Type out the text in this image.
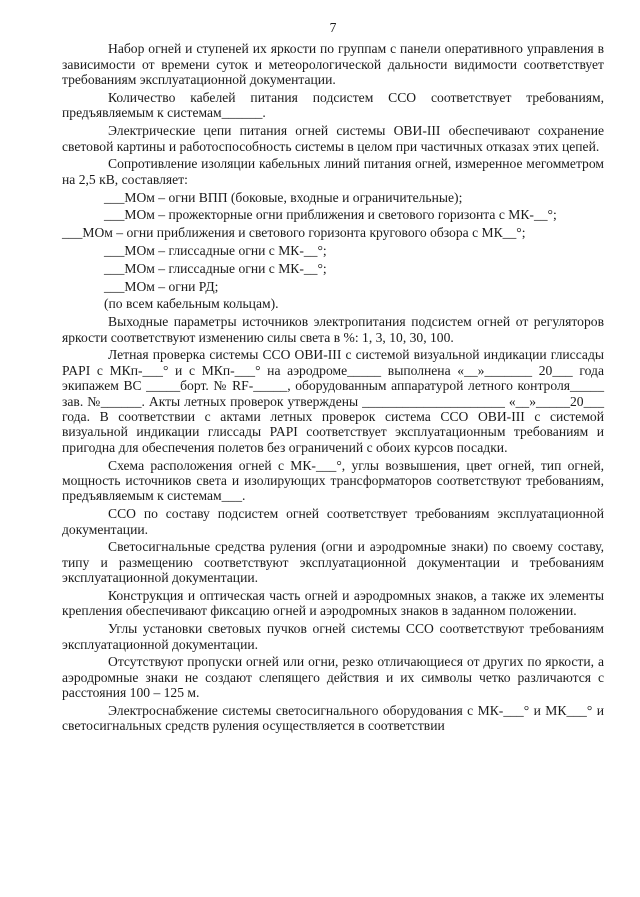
7

Набор огней и ступеней их яркости по группам с панели оперативного управления в зависимости от времени суток и метеорологической дальности видимости соответствует требованиям эксплуатационной документации.

Количество кабелей питания подсистем ССО соответствует требованиям, предъявляемым к системам______.

Электрические цепи питания огней системы ОВИ-III обеспечивают сохранение световой картины и работоспособность системы в целом при частичных отказах этих цепей.

Сопротивление изоляции кабельных линий питания огней, измеренное мегомметром на 2,5 кВ, составляет:

___МОм – огни ВПП (боковые, входные и ограничительные);

___МОм – прожекторные огни приближения и светового горизонта с МК-__°;

___МОм – огни приближения и светового горизонта кругового обзора с МК__°;

___МОм – глиссадные огни с МК-__°;

___МОм – глиссадные огни с МК-__°;

___МОм – огни РД;

(по всем кабельным кольцам).

Выходные параметры источников электропитания подсистем огней от регуляторов яркости соответствуют изменению силы света в %: 1, 3, 10, 30, 100.

Летная проверка системы ССО ОВИ-III с системой визуальной индикации глиссады PAPI с МКп-___° и с МКп-___° на аэродроме_____ выполнена «__»_______ 20___ года экипажем ВС _____борт. № RF-_____, оборудованным аппаратурой летного контроля_____ зав. №______. Акты летных проверок утверждены _____________________ «__»_____20___ года. В соответствии с актами летных проверок система ССО ОВИ-III с системой визуальной индикации глиссады PAPI соответствует эксплуатационным требованиям и пригодна для обеспечения полетов без ограничений с обоих курсов посадки.

Схема расположения огней с МК-___°, углы возвышения, цвет огней, тип огней, мощность источников света и изолирующих трансформаторов соответствуют требованиям, предъявляемым к системам___.

ССО по составу подсистем огней соответствует требованиям эксплуатационной документации.

Светосигнальные средства руления (огни и аэродромные знаки) по своему составу, типу и размещению соответствуют эксплуатационной документации и требованиям эксплуатационной документации.

Конструкция и оптическая часть огней и аэродромных знаков, а также их элементы крепления обеспечивают фиксацию огней и аэродромных знаков в заданном положении.

Углы установки световых пучков огней системы ССО соответствуют требованиям эксплуатационной документации.

Отсутствуют пропуски огней или огни, резко отличающиеся от других по яркости, а аэродромные знаки не создают слепящего действия и их символы четко различаются с расстояния 100 – 125 м.

Электроснабжение системы светосигнального оборудования с МК-___° и МК___° и светосигнальных средств руления осуществляется в соответствии
